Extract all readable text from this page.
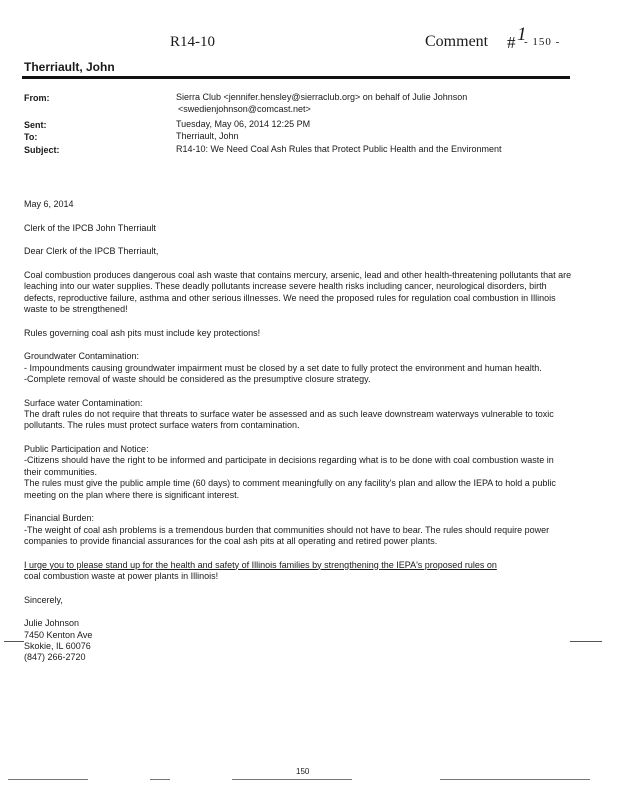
R14-10	Comment # 1
- 150 -
Therriault, John
From:	Sierra Club <jennifer.hensley@sierraclub.org> on behalf of Julie Johnson
<swedienjohnson@comcast.net>
Sent:	Tuesday, May 06, 2014 12:25 PM
To:	Therriault, John
Subject:	R14-10: We Need Coal Ash Rules that Protect Public Health and the Environment

May 6, 2014

Clerk of the IPCB John Therriault

Dear Clerk of the IPCB Therriault,

Coal combustion produces dangerous coal ash waste that contains mercury, arsenic, lead and other health-threatening pollutants that are leaching into our water supplies. These deadly pollutants increase severe health risks including cancer, neurological disorders, birth defects, reproductive failure, asthma and other serious illnesses. We need the proposed rules for regulation coal combustion in Illinois waste to be strengthened!

Rules governing coal ash pits must include key protections!

Groundwater Contamination:
- Impoundments causing groundwater impairment must be closed by a set date to fully protect the environment and human health.
-Complete removal of waste should be considered as the presumptive closure strategy.

Surface water Contamination:
The draft rules do not require that threats to surface water be assessed and as such leave downstream waterways vulnerable to toxic pollutants. The rules must protect surface waters from contamination.

Public Participation and Notice:
-Citizens should have the right to be informed and participate in decisions regarding what is to be done with coal combustion waste in their communities.
The rules must give the public ample time (60 days) to comment meaningfully on any facility's plan and allow the IEPA to hold a public meeting on the plan where there is significant interest.

Financial Burden:
-The weight of coal ash problems is a tremendous burden that communities should not have to bear. The rules should require power companies to provide financial assurances for the coal ash pits at all operating and retired power plants.

I urge you to please stand up for the health and safety of Illinois families by strengthening the IEPA's proposed rules on
coal combustion waste at power plants in Illinois!

Sincerely,

Julie Johnson
7450 Kenton Ave
Skokie, IL 60076
(847) 266-2720

150
